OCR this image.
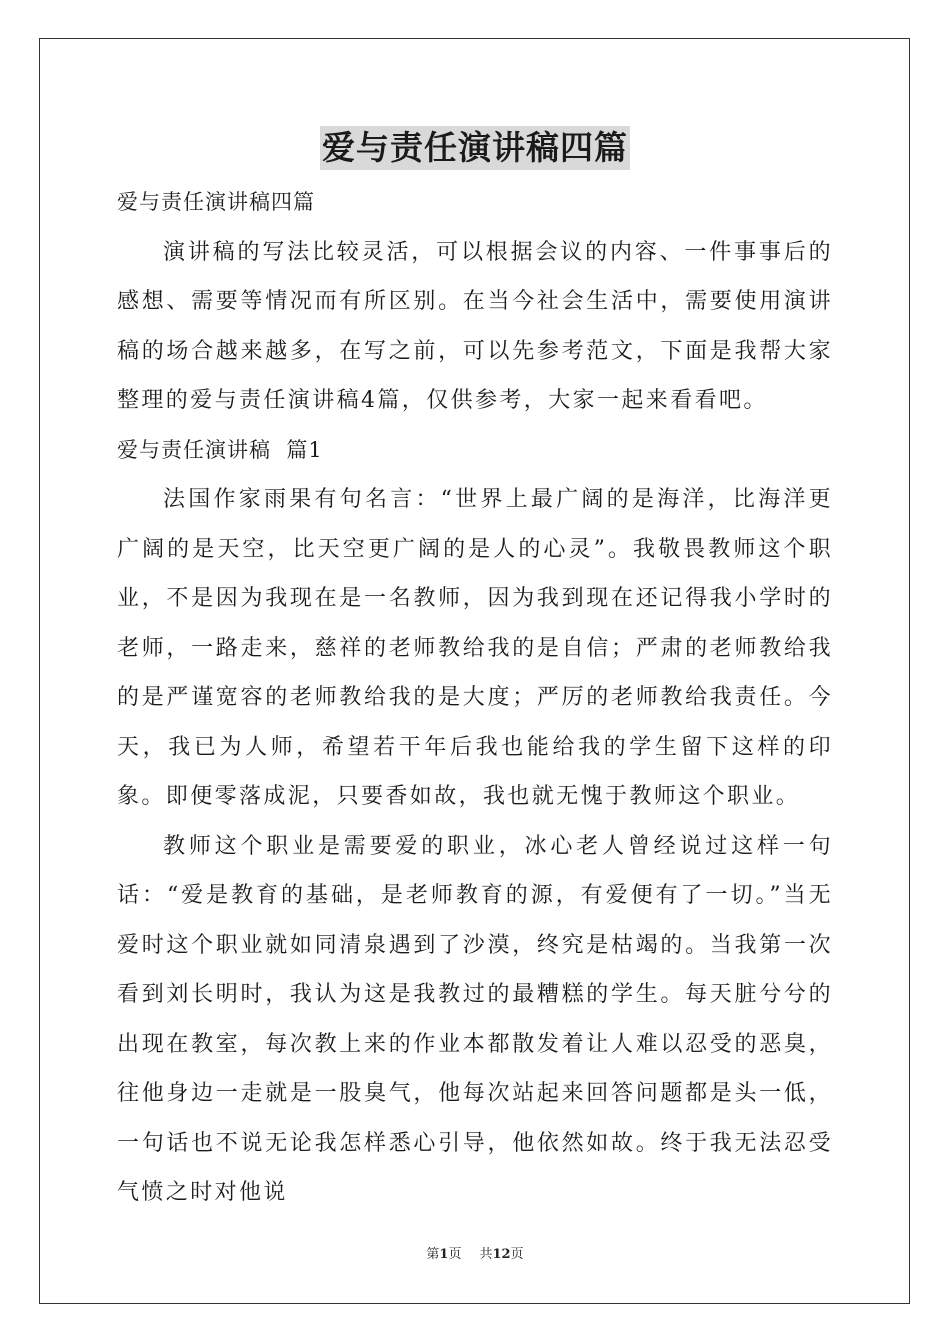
爱与责任演讲稿四篇
爱与责任演讲稿四篇

演讲稿的写法比较灵活，可以根据会议的内容、一件事事后的感想、需要等情况而有所区别。在当今社会生活中，需要使用演讲稿的场合越来越多，在写之前，可以先参考范文，下面是我帮大家整理的爱与责任演讲稿4篇，仅供参考，大家一起来看看吧。

爱与责任演讲稿  篇1

法国作家雨果有句名言：“世界上最广阔的是海洋，比海洋更广阔的是天空，比天空更广阔的是人的心灵”。我敬畏教师这个职业，不是因为我现在是一名教师，因为我到现在还记得我小学时的老师，一路走来，慈祥的老师教给我的是自信；严肃的老师教给我的是严谨宽容的老师教给我的是大度；严厉的老师教给我责任。今天，我已为人师，希望若干年后我也能给我的学生留下这样的印象。即便零落成泥，只要香如故，我也就无愧于教师这个职业。

教师这个职业是需要爱的职业，冰心老人曾经说过这样一句话：“爱是教育的基础，是老师教育的源，有爱便有了一切。”当无爱时这个职业就如同清泉遇到了沙漠，终究是枯竭的。当我第一次看到刘长明时，我认为这是我教过的最糟糕的学生。每天脏兮兮的出现在教室，每次教上来的作业本都散发着让人难以忍受的恶臭，往他身边一走就是一股臭气，他每次站起来回答问题都是头一低，一句话也不说无论我怎样悉心引导，他依然如故。终于我无法忍受气愤之时对他说

第1页 共12页
